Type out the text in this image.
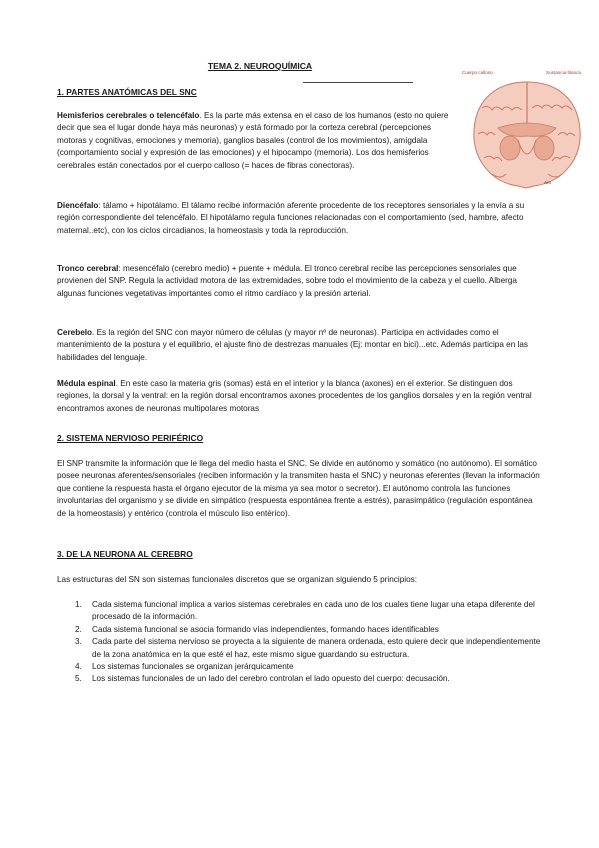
TEMA 2. NEUROQUÍMICA
Cuerpo calloso	Sustancia blanca
Am
1. PARTES ANATÓMICAS DEL SNC

Hemisferios cerebrales o telencéfalo. Es la parte más extensa en el caso de los humanos (esto no quiere decir que sea el lugar donde haya más neuronas) y está formado por la corteza cerebral (percepciones motoras y cognitivas, emociones y memoria), ganglios basales (control de los movimientos), amígdala (comportamiento social y expresión de las emociones) y el hipocampo (memoria). Los dos hemisferios cerebrales están conectados por el cuerpo calloso (= haces de fibras conectoras).

Diencéfalo: tálamo + hipotálamo. El tálamo recibe información aferente procedente de los receptores sensoriales y la envía a su región correspondiente del telencéfalo. El hipotálamo regula funciones relacionadas con el comportamiento (sed, hambre, afecto maternal..etc), con los ciclos circadianos, la homeostasis y toda la reproducción.

Tronco cerebral: mesencéfalo (cerebro medio) + puente + médula. El tronco cerebral recibe las percepciones sensoriales que provienen del SNP. Regula la actividad motora de las extremidades, sobre todo el movimiento de la cabeza y el cuello. Alberga algunas funciones vegetativas importantes como el ritmo cardíaco y la presión arterial.

Cerebelo. Es la región del SNC con mayor número de células (y mayor nº de neuronas). Participa en actividades como el mantenimiento de la postura y el equilibrio, el ajuste fino de destrezas manuales (Ej: montar en bici)...etc. Además participa en las habilidades del lenguaje.

Médula espinal. En este caso la materia gris (somas) está en el interior y la blanca (axones) en el exterior. Se distinguen dos regiones, la dorsal y la ventral: en la región dorsal encontramos axones procedentes de los ganglios dorsales y en la región ventral encontramos axones de neuronas multipolares motoras

2. SISTEMA NERVIOSO PERIFÉRICO

El SNP transmite la información que le llega del medio hasta el SNC. Se divide en autónomo y somático (no autónomo). El somático posee neuronas aferentes/sensoriales (reciben información y la transmiten hasta el SNC) y neuronas eferentes (llevan la información que contiene la respuesta hasta el órgano ejecutor de la misma ya sea motor o secretor). El autónomo controla las funciones involuntarias del organismo y se divide en simpático (respuesta espontánea frente a estrés), parasimpático (regulación espontánea de la homeostasis) y entérico (controla el músculo liso entérico).

3. DE LA NEURONA AL CEREBRO

Las estructuras del SN son sistemas funcionales discretos que se organizan siguiendo 5 principios:

1. Cada sistema funcional implica a varios sistemas cerebrales en cada uno de los cuales tiene lugar una etapa diferente del procesado de la información.
2. Cada sistema funcional se asocia formando vías independientes, formando haces identificables
3. Cada parte del sistema nervioso se proyecta a la siguiente de manera ordenada, esto quiere decir que independientemente de la zona anatómica en la que esté el haz, este mismo sigue guardando su estructura.
4. Los sistemas funcionales se organizan jerárquicamente
5. Los sistemas funcionales de un lado del cerebro controlan el lado opuesto del cuerpo: decusación.
